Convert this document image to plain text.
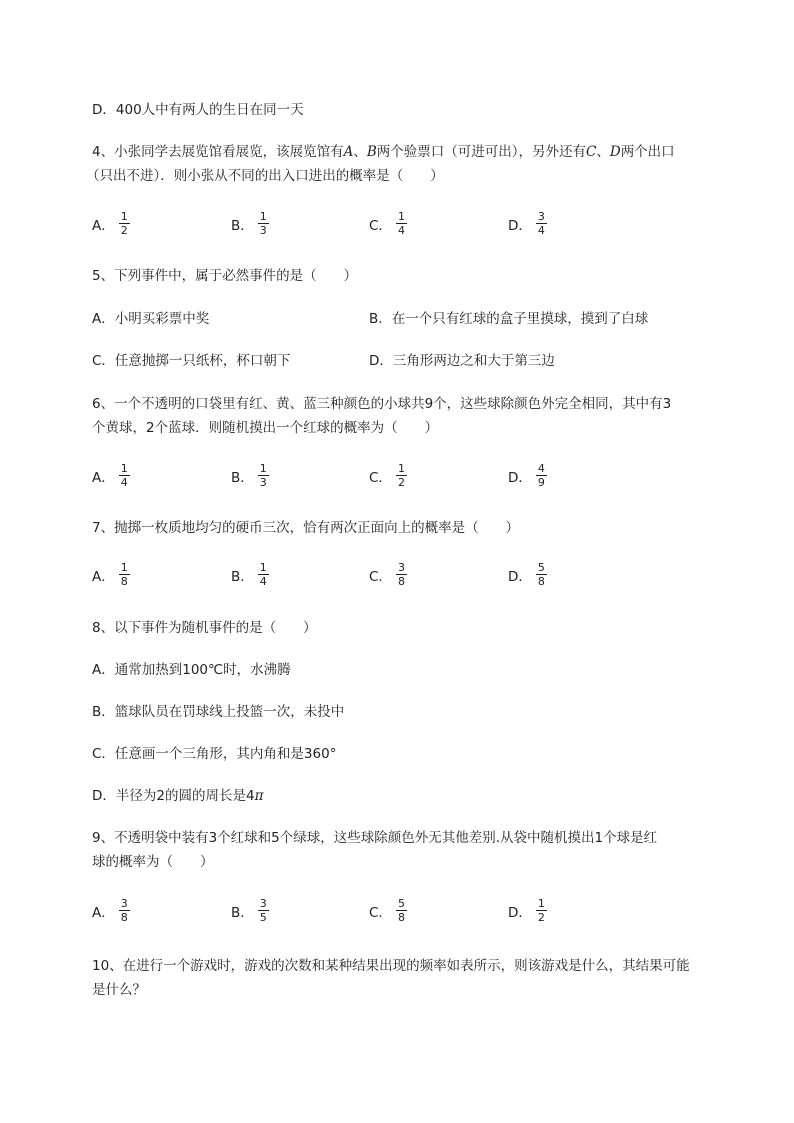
D．400人中有两人的生日在同一天
4、小张同学去展览馆看展览，该展览馆有A、B两个验票口（可进可出），另外还有C、D两个出口
（只出不进）．则小张从不同的出入口进出的概率是（　　）
A． $\frac{1}{2}$	B． $\frac{1}{3}$	C． $\frac{1}{4}$	D． $\frac{3}{4}$
5、下列事件中，属于必然事件的是（　　）
A．小明买彩票中奖	B．在一个只有红球的盒子里摸球，摸到了白球
C．任意抛掷一只纸杯，杯口朝下	D．三角形两边之和大于第三边
6、一个不透明的口袋里有红、黄、蓝三种颜色的小球共9个，这些球除颜色外完全相同，其中有3
个黄球，2个蓝球．则随机摸出一个红球的概率为（　　）
A． $\frac{1}{4}$	B． $\frac{1}{3}$	C． $\frac{1}{2}$	D． $\frac{4}{9}$
7、抛掷一枚质地均匀的硬币三次，恰有两次正面向上的概率是（　　）
A． $\frac{1}{8}$	B． $\frac{1}{4}$	C． $\frac{3}{8}$	D． $\frac{5}{8}$
8、以下事件为随机事件的是（　　）
A．通常加热到100℃时，水沸腾
B．篮球队员在罚球线上投篮一次，未投中
C．任意画一个三角形，其内角和是360°
D．半径为2的圆的周长是4π
9、不透明袋中装有3个红球和5个绿球，这些球除颜色外无其他差别.从袋中随机摸出1个球是红
球的概率为（　　）
A． $\frac{3}{8}$	B． $\frac{3}{5}$	C． $\frac{5}{8}$	D． $\frac{1}{2}$
10、在进行一个游戏时，游戏的次数和某种结果出现的频率如表所示，则该游戏是什么，其结果可能
是什么？
